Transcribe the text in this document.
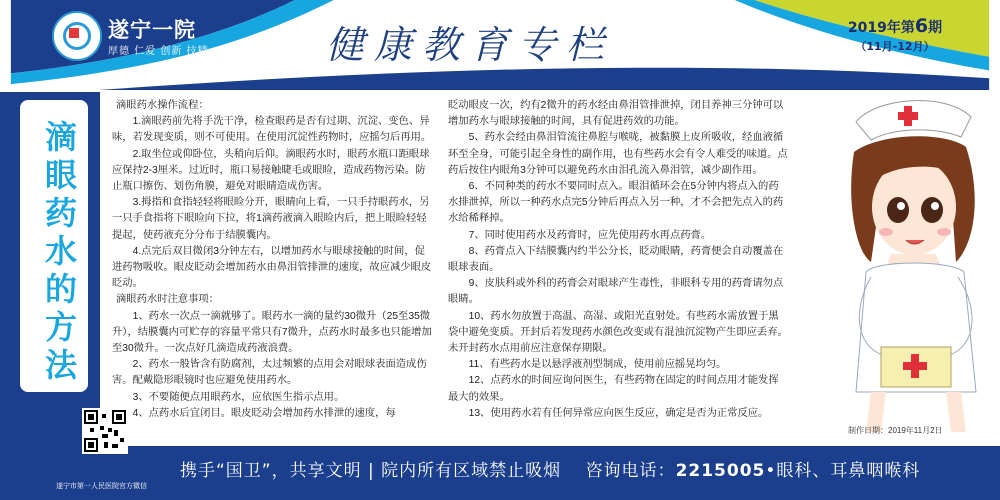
遂宁一院
厚德 仁爱 创新 技精	健康教育专栏	2019年第6期
（11月-12月）
滴眼药水的方法
滴眼药水操作流程：

1.滴眼药前先将手洗干净，检查眼药是否有过期、沉淀、变色、异味，若发现变质，则不可使用。在使用沉淀性药物时，应摇匀后再用。

2.取坐位或仰卧位，头稍向后仰。滴眼药水时，眼药水瓶口距眼球应保持2-3厘米。过近时，瓶口易接触睫毛或眼睑，造成药物污染。防止瓶口擦伤、划伤角膜，避免对眼睛造成伤害。

3.拇指和食指轻轻将眼睑分开，眼睛向上看，一只手持眼药水，另一只手食指将下眼睑向下拉，将1滴药液滴入眼睑内后，把上眼睑轻轻提起，使药液充分分布于结膜囊内。

4.点完后双目微闭3分钟左右，以增加药水与眼球接触的时间，促进药物吸收。眼皮眨动会增加药水由鼻泪管排泄的速度，故应减少眼皮眨动。

滴眼药水时注意事项：

1、药水一次点一滴就够了。眼药水一滴的量约30微升（25至35微升），结膜囊内可贮存的容量平常只有7微升，点药水时最多也只能增加至30微升。一次点好几滴造成药液浪费。

2、药水一般皆含有防腐剂，太过频繁的点用会对眼球表面造成伤害。配戴隐形眼镜时也应避免使用药水。

3、不要随便点用眼药水，应依医生指示点用。

4、点药水后宜闭目。眼皮眨动会增加药水排泄的速度，每

眨动眼皮一次，约有2微升的药水经由鼻泪管排泄掉，闭目养神三分钟可以增加药水与眼球接触的时间，具有促进药效的功能。

5、药水会经由鼻泪管流往鼻腔与喉咙，被黏膜上皮所吸收，经血液循环至全身，可能引起全身性的副作用，也有些药水会有令人难受的味道。点药后按住内眼角3分钟可以避免药水由泪孔流入鼻泪管，减少副作用。

6、不同种类的药水不要同时点入。眼泪循环会在5分钟内将点入的药水排泄掉，所以一种药水点完5分钟后再点入另一种，才不会把先点入的药水给稀释掉。

7、同时使用药水及药膏时，应先使用药水再点药膏。

8、药膏点入下结膜囊内约半公分长，眨动眼睛，药膏便会自动覆盖在眼球表面。

9、皮肤科或外科的药膏会对眼球产生毒性，非眼科专用的药膏请勿点眼睛。

10、药水勿放置于高温、高湿、或阳光直射处。有些药水需放置于黑袋中避免变质。开封后若发现药水颜色改变或有混浊沉淀物产生即应丢弃。未开封药水点用前应注意保存期限。

11、有些药水是以悬浮液剂型制成，使用前应摇晃均匀。

12、点药水的时间应询问医生，有些药物在固定的时间点用才能发挥最大的效果。

13、使用药水若有任何异常应向医生反应，确定是否为正常反应。

制作日期：2019年11月2日
携手“国卫”，共享文明 | 院内所有区域禁止吸烟 咨询电话：2215005•眼科、耳鼻咽喉科
遂宁市第一人民医院官方微信
